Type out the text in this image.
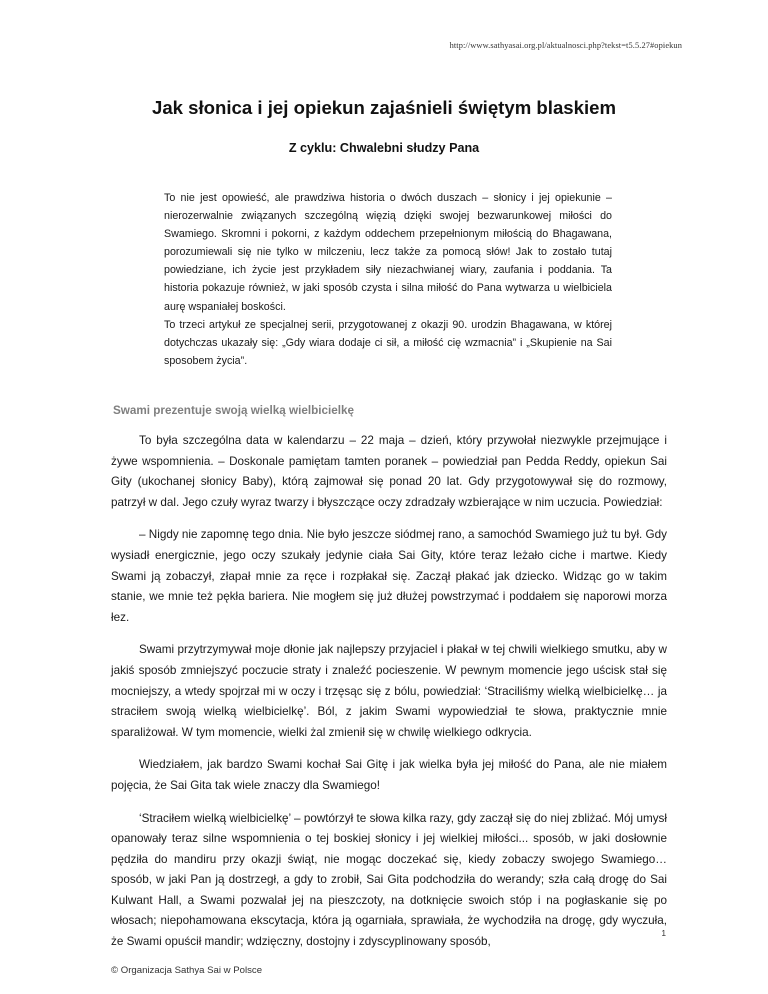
http://www.sathyasai.org.pl/aktualnosci.php?tekst=t5.5.27#opiekun
Jak słonica i jej opiekun zajaśnieli świętym blaskiem
Z cyklu: Chwalebni słudzy Pana

To nie jest opowieść, ale prawdziwa historia o dwóch duszach – słonicy i jej opiekunie – nierozerwalnie związanych szczególną więzią dzięki swojej bezwarunkowej miłości do Swamiego. Skromni i pokorni, z każdym oddechem przepełnionym miłością do Bhagawana, porozumiewali się nie tylko w milczeniu, lecz także za pomocą słów! Jak to zostało tutaj powiedziane, ich życie jest przykładem siły niezachwianej wiary, zaufania i poddania. Ta historia pokazuje również, w jaki sposób czysta i silna miłość do Pana wytwarza u wielbiciela aurę wspaniałej boskości.

To trzeci artykuł ze specjalnej serii, przygotowanej z okazji 90. urodzin Bhagawana, w której dotychczas ukazały się: „Gdy wiara dodaje ci sił, a miłość cię wzmacnia” i „Skupienie na Sai sposobem życia”.

Swami prezentuje swoją wielką wielbicielkę

To była szczególna data w kalendarzu – 22 maja – dzień, który przywołał niezwykle przejmujące i żywe wspomnienia. – Doskonale pamiętam tamten poranek – powiedział pan Pedda Reddy, opiekun Sai Gity (ukochanej słonicy Baby), którą zajmował się ponad 20 lat. Gdy przygotowywał się do rozmowy, patrzył w dal. Jego czuły wyraz twarzy i błyszczące oczy zdradzały wzbierające w nim uczucia. Powiedział:

– Nigdy nie zapomnę tego dnia. Nie było jeszcze siódmej rano, a samochód Swamiego już tu był. Gdy wysiadł energicznie, jego oczy szukały jedynie ciała Sai Gity, które teraz leżało ciche i martwe. Kiedy Swami ją zobaczył, złapał mnie za ręce i rozpłakał się. Zaczął płakać jak dziecko. Widząc go w takim stanie, we mnie też pękła bariera. Nie mogłem się już dłużej powstrzymać i poddałem się naporowi morza łez.

Swami przytrzymywał moje dłonie jak najlepszy przyjaciel i płakał w tej chwili wielkiego smutku, aby w jakiś sposób zmniejszyć poczucie straty i znaleźć pocieszenie. W pewnym momencie jego uścisk stał się mocniejszy, a wtedy spojrzał mi w oczy i trzęsąc się z bólu, powiedział: ‘Straciliśmy wielką wielbicielkę… ja straciłem swoją wielką wielbicielkę’. Ból, z jakim Swami wypowiedział te słowa, praktycznie mnie sparaliżował. W tym momencie, wielki żal zmienił się w chwilę wielkiego odkrycia.

Wiedziałem, jak bardzo Swami kochał Sai Gitę i jak wielka była jej miłość do Pana, ale nie miałem pojęcia, że Sai Gita tak wiele znaczy dla Swamiego!

‘Straciłem wielką wielbicielkę’ – powtórzył te słowa kilka razy, gdy zaczął się do niej zbliżać. Mój umysł opanowały teraz silne wspomnienia o tej boskiej słonicy i jej wielkiej miłości... sposób, w jaki dosłownie pędziła do mandiru przy okazji świąt, nie mogąc doczekać się, kiedy zobaczy swojego Swamiego… sposób, w jaki Pan ją dostrzegł, a gdy to zrobił, Sai Gita podchodziła do werandy; szła całą drogę do Sai Kulwant Hall, a Swami pozwalał jej na pieszczoty, na dotknięcie swoich stóp i na pogłaskanie się po włosach; niepohamowana ekscytacja, która ją ogarniała, sprawiała, że wychodziła na drogę, gdy wyczuła, że Swami opuścił mandir; wdzięczny, dostojny i zdyscyplinowany sposób,

1
© Organizacja Sathya Sai w Polsce
